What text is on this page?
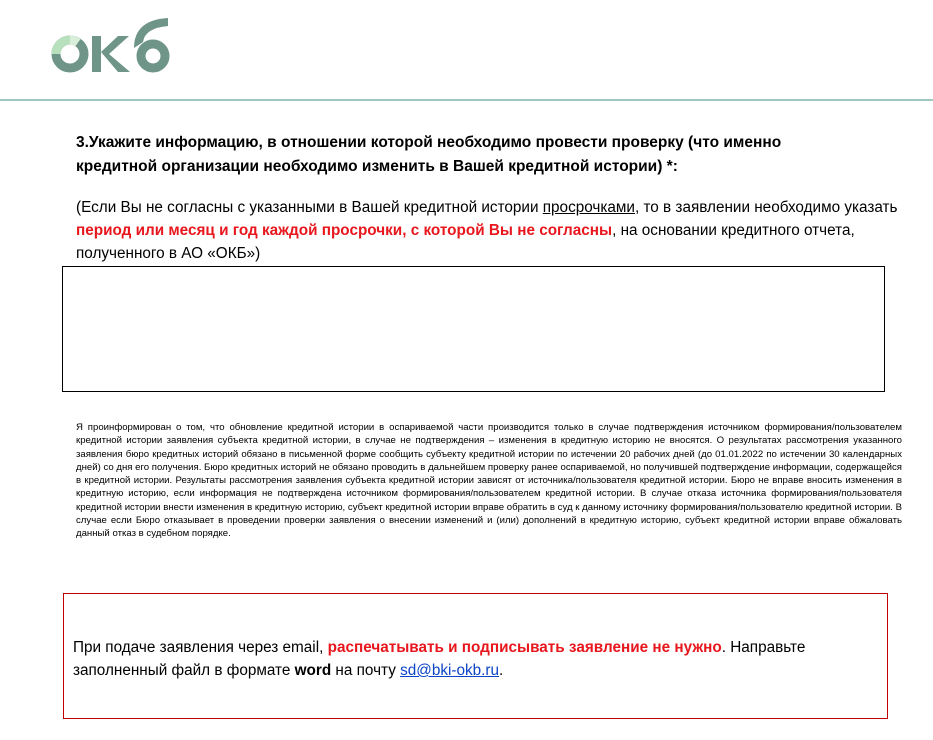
3.Укажите информацию, в отношении которой необходимо провести проверку (что именно кредитной организации необходимо изменить в Вашей кредитной истории) *:
(Если Вы не согласны с указанными в Вашей кредитной истории просрочками, то в заявлении необходимо указать период или месяц и год каждой просрочки, с которой Вы не согласны, на основании кредитного отчета, полученного в АО «ОКБ»)
Я проинформирован о том, что обновление кредитной истории в оспариваемой части производится только в случае подтверждения источником формирования/пользователем кредитной истории заявления субъекта кредитной истории, в случае не подтверждения – изменения в кредитную историю не вносятся. О результатах рассмотрения указанного заявления бюро кредитных историй обязано в письменной форме сообщить субъекту кредитной истории по истечении 20 рабочих дней (до 01.01.2022 по истечении 30 календарных дней) со дня его получения. Бюро кредитных историй не обязано проводить в дальнейшем проверку ранее оспариваемой, но получившей подтверждение информации, содержащейся в кредитной истории. Результаты рассмотрения заявления субъекта кредитной истории зависят от источника/пользователя кредитной истории. Бюро не вправе вносить изменения в кредитную историю, если информация не подтверждена источником формирования/пользователем кредитной истории. В случае отказа источника формирования/пользователя кредитной истории внести изменения в кредитную историю, субъект кредитной истории вправе обратить в суд к данному источнику формирования/пользователю кредитной истории. В случае если Бюро отказывает в проведении проверки заявления о внесении изменений и (или) дополнений в кредитную историю, субъект кредитной истории вправе обжаловать данный отказ в судебном порядке.
При подаче заявления через email, распечатывать и подписывать заявление не нужно. Направьте заполненный файл в формате word на почту sd@bki-okb.ru.
